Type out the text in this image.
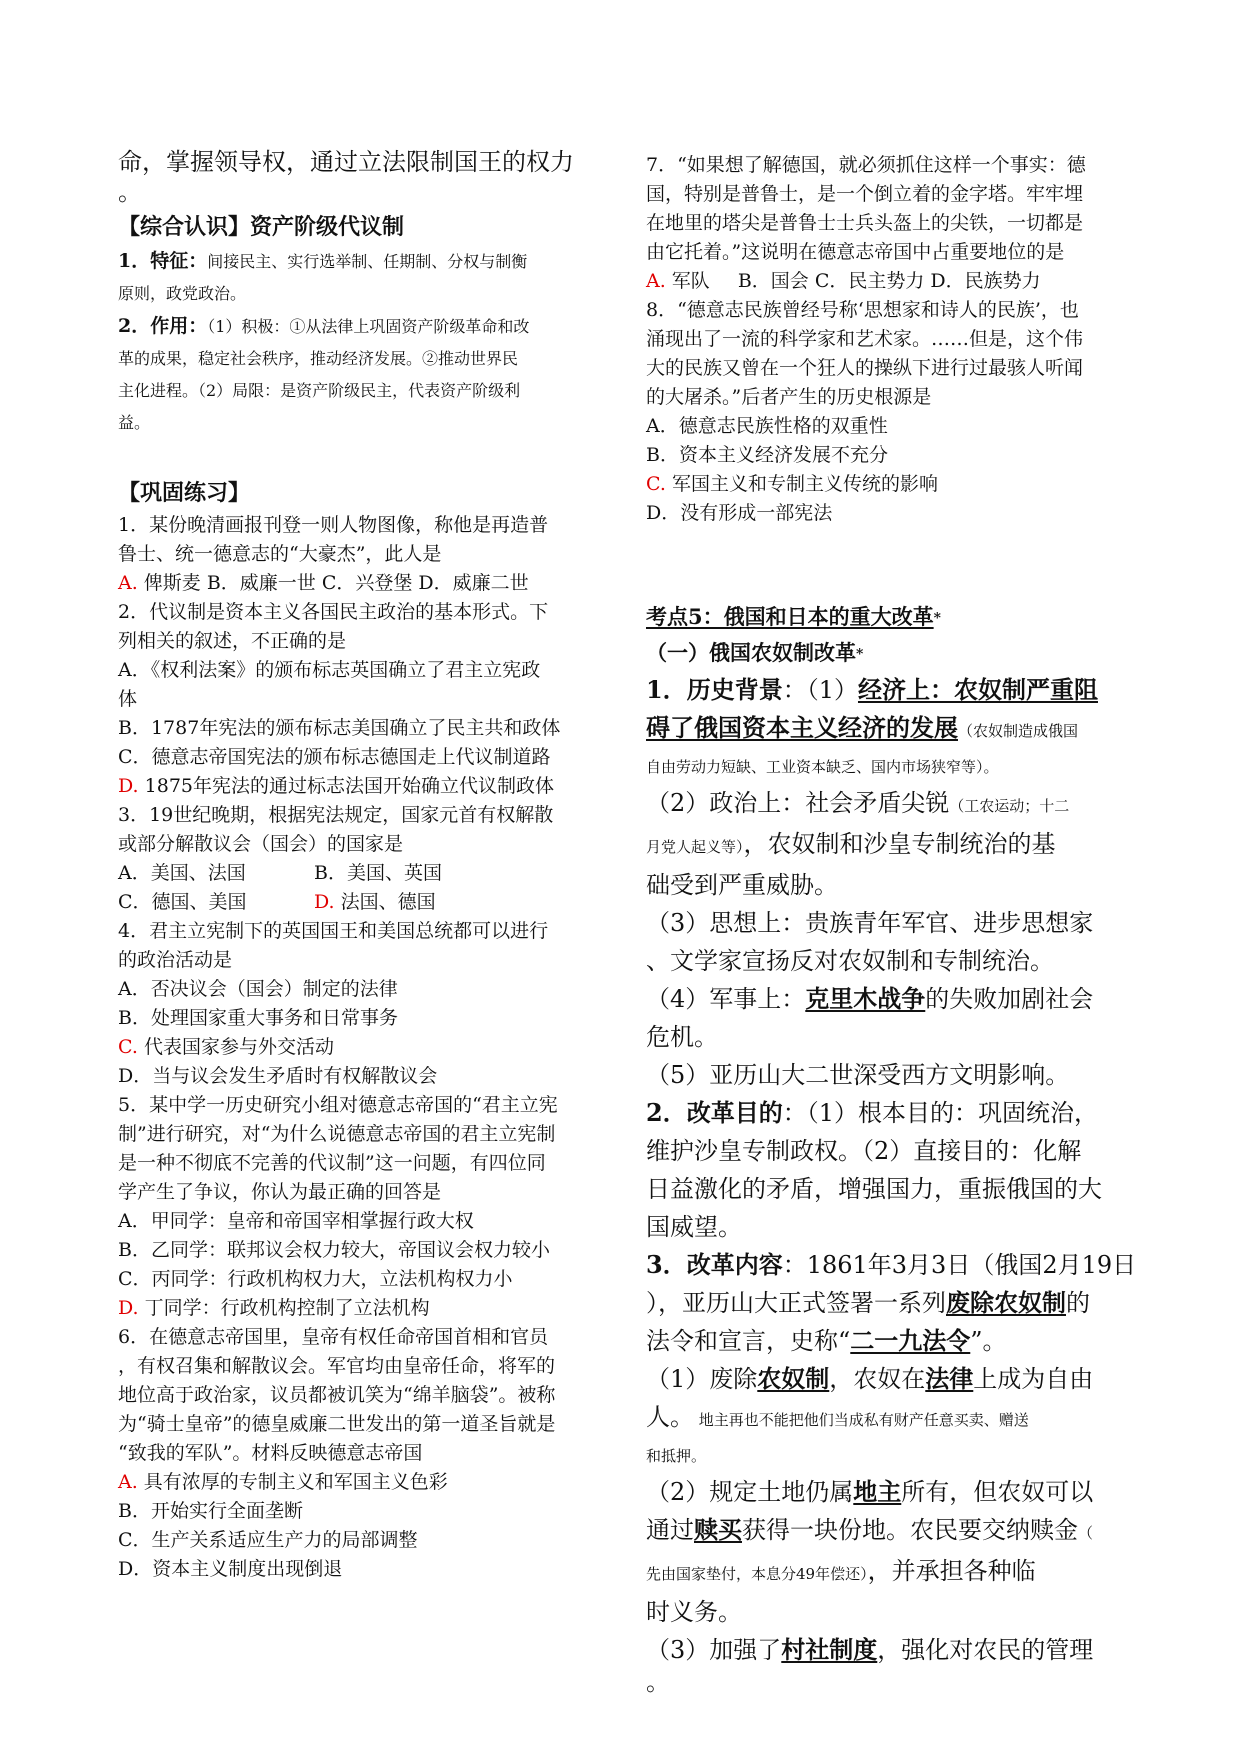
命，掌握领导权，通过立法限制国王的权力
。
【综合认识】资产阶级代议制
1．特征：间接民主、实行选举制、任期制、分权与制衡
原则，政党政治。
2．作用：（1）积极：①从法律上巩固资产阶级革命和改
革的成果，稳定社会秩序，推动经济发展。②推动世界民
主化进程。（2）局限：是资产阶级民主，代表资产阶级利
益。
【巩固练习】
1．某份晚清画报刊登一则人物图像，称他是再造普
鲁士、统一德意志的“大豪杰”，此人是
A. 俾斯麦 B．威廉一世 C．兴登堡 D．威廉二世
2．代议制是资本主义各国民主政治的基本形式。下
列相关的叙述，不正确的是
A．《权利法案》的颁布标志英国确立了君主立宪政
体
B．1787年宪法的颁布标志美国确立了民主共和政体
C．德意志帝国宪法的颁布标志德国走上代议制道路
D. 1875年宪法的通过标志法国开始确立代议制政体
3．19世纪晚期，根据宪法规定，国家元首有权解散
或部分解散议会（国会）的国家是
A．美国、法国	B．美国、英国
C．德国、美国	D. 法国、德国
4．君主立宪制下的英国国王和美国总统都可以进行
的政治活动是
A．否决议会（国会）制定的法律
B．处理国家重大事务和日常事务
C. 代表国家参与外交活动
D．当与议会发生矛盾时有权解散议会
5．某中学一历史研究小组对德意志帝国的“君主立宪
制”进行研究，对“为什么说德意志帝国的君主立宪制
是一种不彻底不完善的代议制”这一问题，有四位同
学产生了争议，你认为最正确的回答是
A．甲同学：皇帝和帝国宰相掌握行政大权
B．乙同学：联邦议会权力较大，帝国议会权力较小
C．丙同学：行政机构权力大，立法机构权力小
D. 丁同学：行政机构控制了立法机构
6．在德意志帝国里，皇帝有权任命帝国首相和官员
，有权召集和解散议会。军官均由皇帝任命，将军的
地位高于政治家，议员都被讥笑为“绵羊脑袋”。被称
为“骑士皇帝”的德皇威廉二世发出的第一道圣旨就是
“致我的军队”。材料反映德意志帝国
A. 具有浓厚的专制主义和军国主义色彩
B．开始实行全面垄断
C．生产关系适应生产力的局部调整
D．资本主义制度出现倒退
7．“如果想了解德国，就必须抓住这样一个事实：德
国，特别是普鲁士，是一个倒立着的金字塔。牢牢埋
在地里的塔尖是普鲁士士兵头盔上的尖铁，一切都是
由它托着。”这说明在德意志帝国中占重要地位的是
A. 军队 B．国会 C．民主势力 D．民族势力
8．“德意志民族曾经号称‘思想家和诗人的民族’，也
涌现出了一流的科学家和艺术家。……但是，这个伟
大的民族又曾在一个狂人的操纵下进行过最骇人听闻
的大屠杀。”后者产生的历史根源是
A．德意志民族性格的双重性
B．资本主义经济发展不充分
C. 军国主义和专制主义传统的影响
D．没有形成一部宪法
考点5：俄国和日本的重大改革*
（一）俄国农奴制改革*
1．历史背景：（1）经济上：农奴制严重阻
碍了俄国资本主义经济的发展（农奴制造成俄国
自由劳动力短缺、工业资本缺乏、国内市场狭窄等）。
（2）政治上：社会矛盾尖锐（工农运动；十二
月党人起义等），农奴制和沙皇专制统治的基
础受到严重威胁。
（3）思想上：贵族青年军官、进步思想家
、文学家宣扬反对农奴制和专制统治。
（4）军事上：克里木战争的失败加剧社会
危机。
（5）亚历山大二世深受西方文明影响。
2．改革目的：（1）根本目的：巩固统治，
维护沙皇专制政权。（2）直接目的：化解
日益激化的矛盾，增强国力，重振俄国的大
国威望。
3．改革内容：1861年3月3日（俄国2月19日
），亚历山大正式签署一系列废除农奴制的
法令和宣言，史称“二一九法令”。
（1）废除农奴制，农奴在法律上成为自由
人。 地主再也不能把他们当成私有财产任意买卖、赠送
和抵押。
（2）规定土地仍属地主所有，但农奴可以
通过赎买获得一块份地。农民要交纳赎金（
先由国家垫付，本息分49年偿还），并承担各种临
时义务。
（3）加强了村社制度，强化对农民的管理
。
